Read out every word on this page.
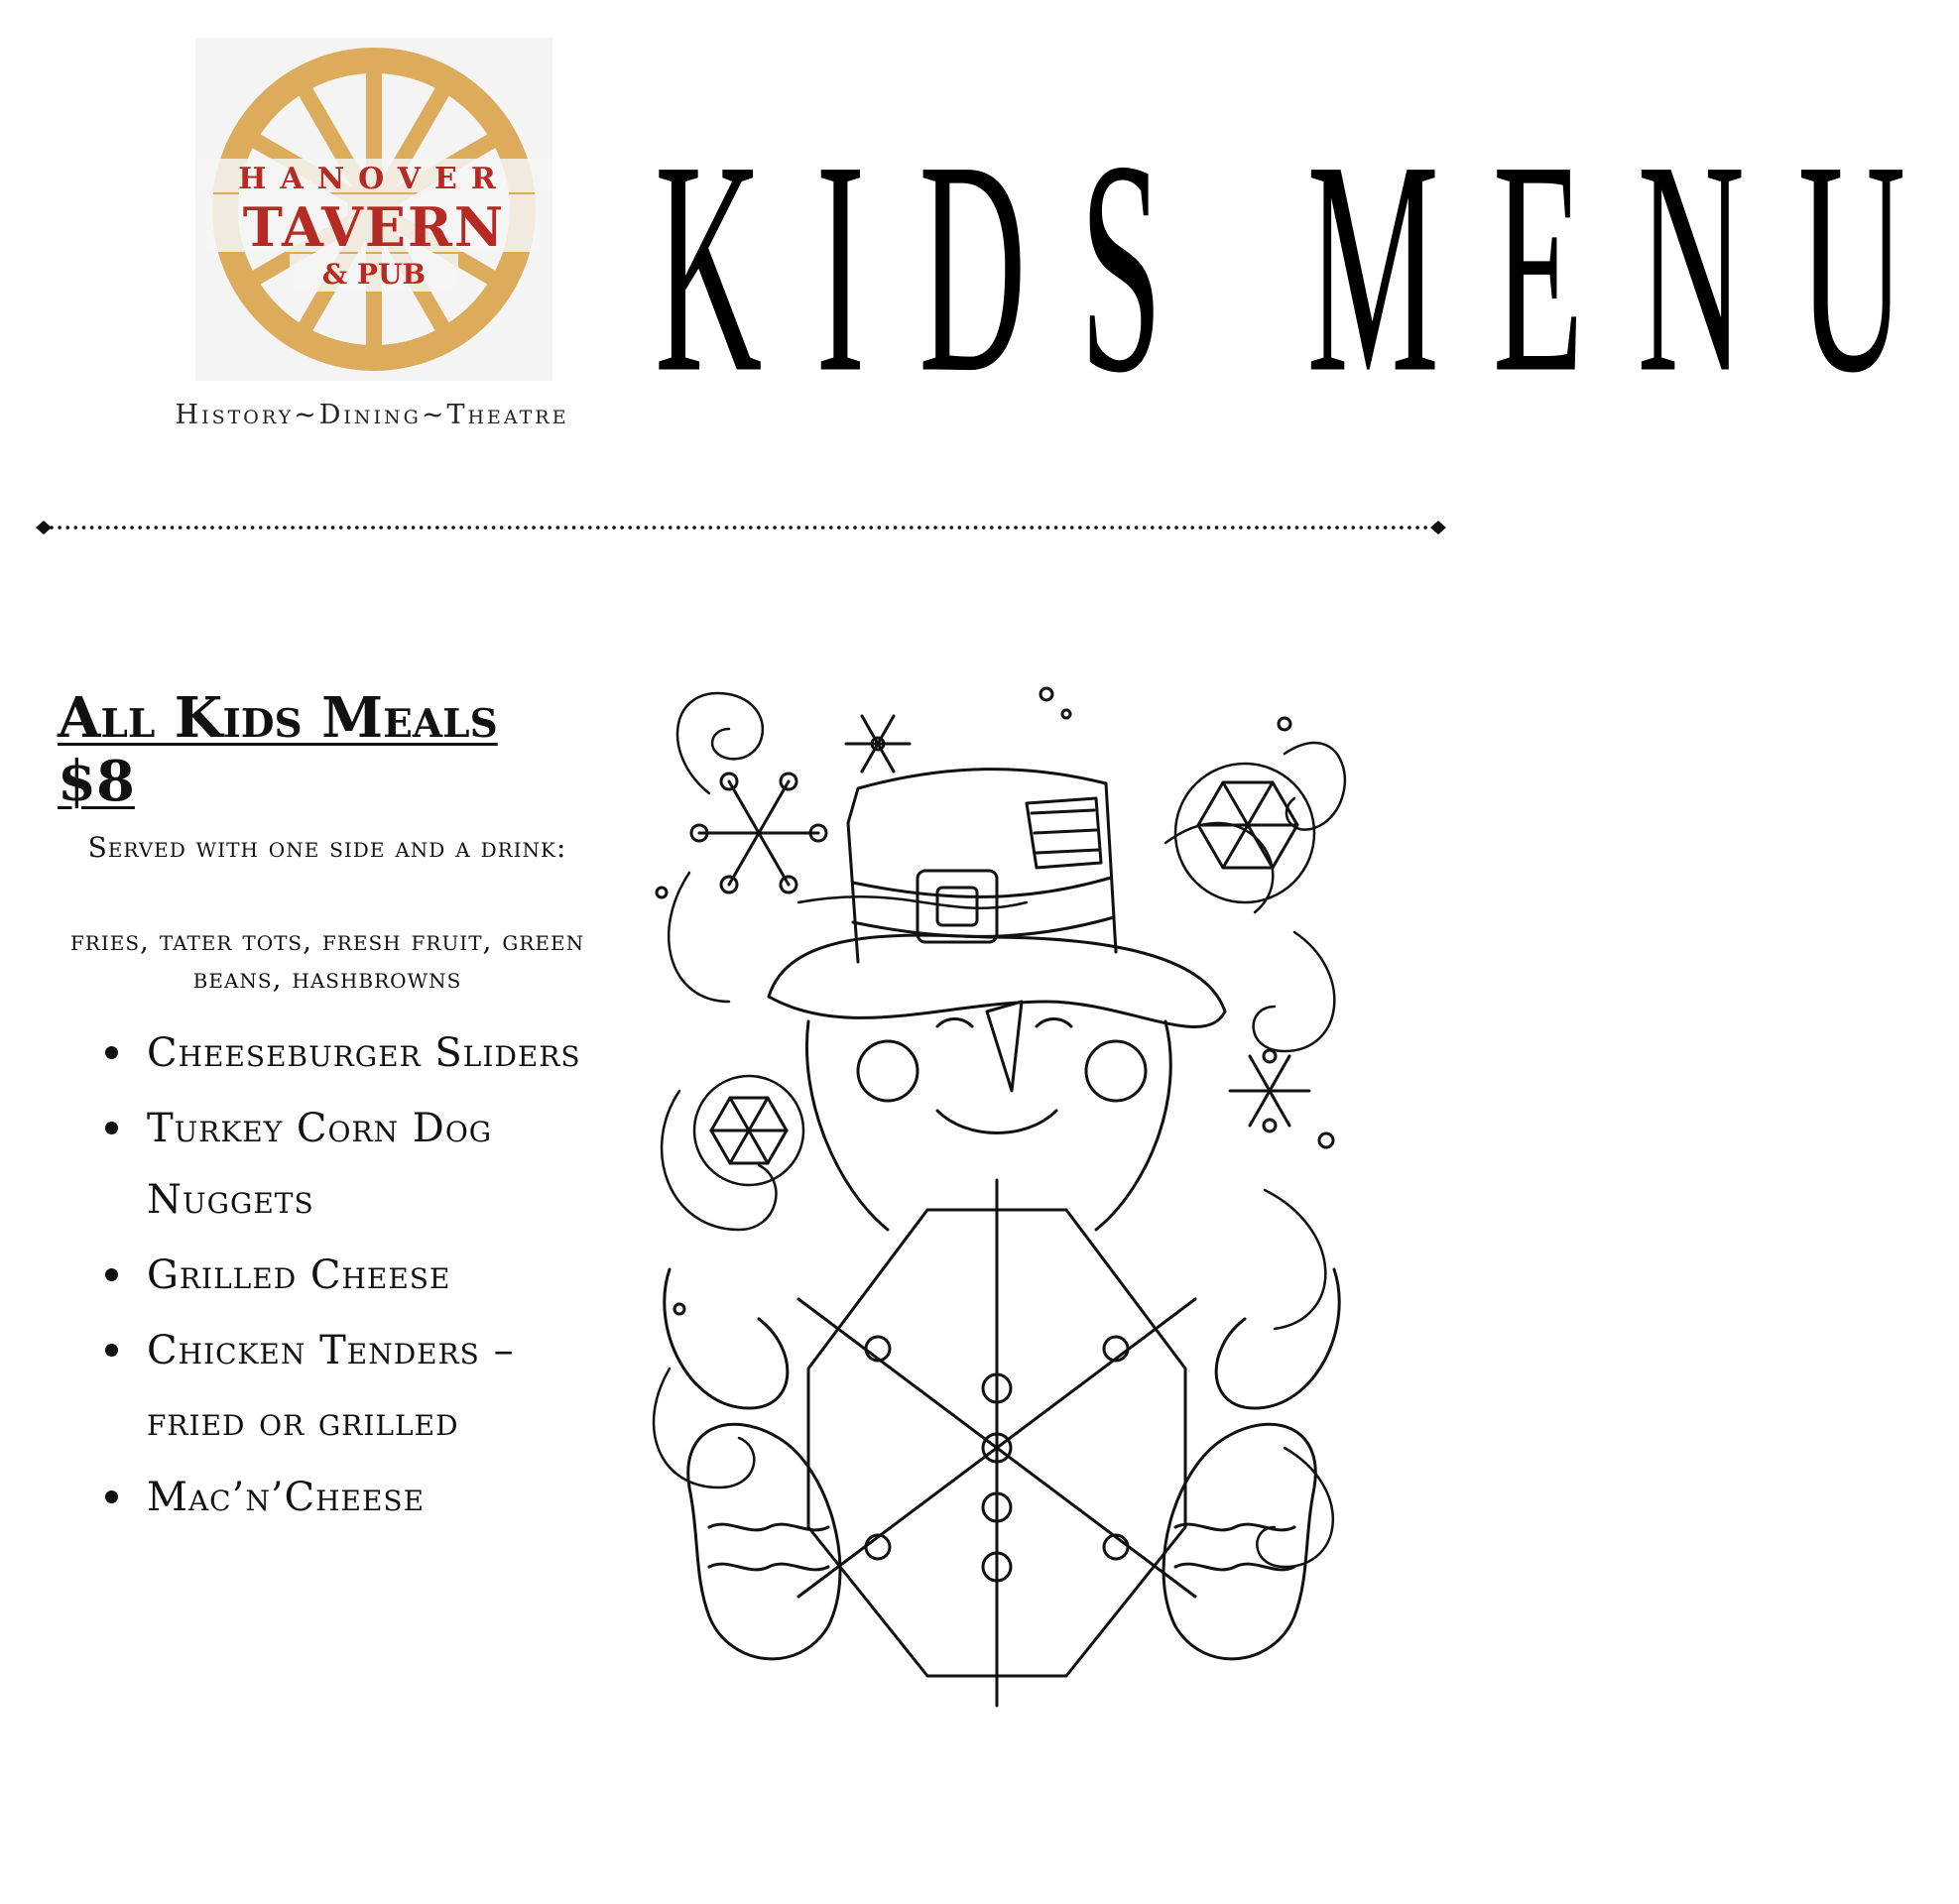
HANOVER
TAVERN
& PUB
History~Dining~Theatre KIDS MENU
All Kids Meals
$8
Served with one side and a drink:
fries, tater tots, fresh fruit, green beans, hashbrowns
Cheeseburger Sliders
Turkey Corn Dog Nuggets
Grilled Cheese
Chicken Tenders – fried or grilled
Mac’n’Cheese
